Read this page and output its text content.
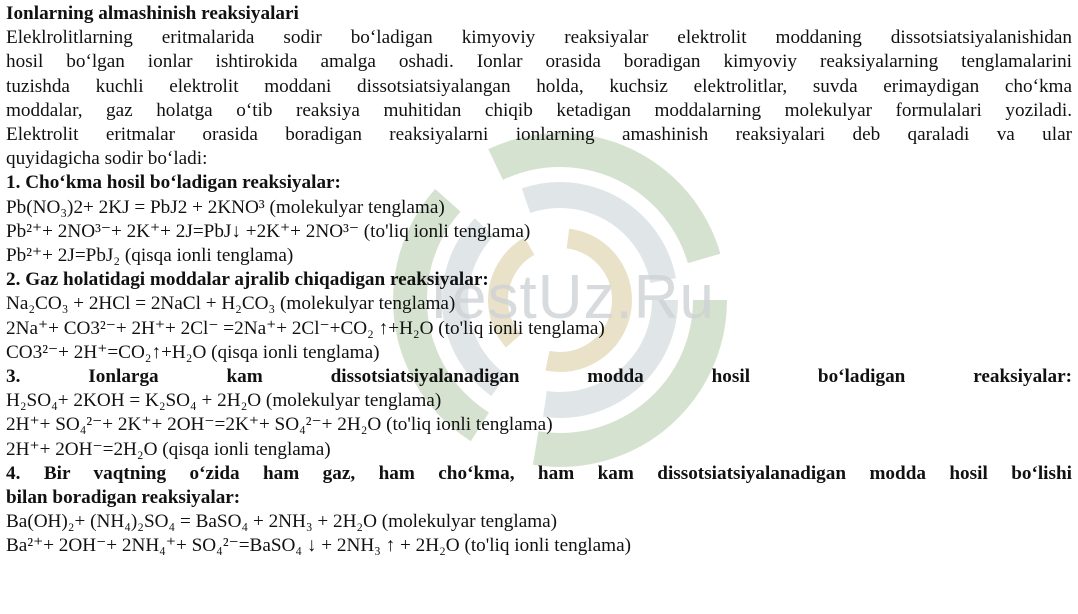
TestUz.Ru
Ionlarning almashinish reaksiyalari
Eleklrolitlarning eritmalarida sodir bo‘ladigan kimyoviy reaksiyalar elektrolit moddaning dissotsiatsiyalanishidan
hosil bo‘lgan ionlar ishtirokida amalga oshadi. Ionlar orasida boradigan kimyoviy reaksiyalarning tenglamalarini
tuzishda kuchli elektrolit moddani dissotsiatsiyalangan holda, kuchsiz elektrolitlar, suvda erimaydigan cho‘kma
moddalar, gaz holatga o‘tib reaksiya muhitidan chiqib ketadigan moddalarning molekulyar formulalari yoziladi.
Elektrolit eritmalar orasida boradigan reaksiyalarni ionlarning amashinish reaksiyalari deb qaraladi va ular
quyidagicha sodir bo‘ladi:
1. Cho‘kma hosil bo‘ladigan reaksiyalar:
Pb(NO₃)2+ 2KJ = PbJ2 + 2KNO³ (molekulyar tenglama)
Pb²⁺+ 2NO³⁻+ 2K⁺+ 2J=PbJ↓ +2K⁺+ 2NO³⁻ (to'liq ionli tenglama)
Pb²⁺+ 2J=PbJ₂ (qisqa ionli tenglama)
2. Gaz holatidagi moddalar ajralib chiqadigan reaksiyalar:
Na₂CO₃ + 2HCl = 2NaCl + H₂CO₃ (molekulyar tenglama)
2Na⁺+ CO3²⁻+ 2H⁺+ 2Cl⁻ =2Na⁺+ 2Cl⁻+CO₂ ↑+H₂O (to'liq ionli tenglama)
CO3²⁻+ 2H⁺=CO₂↑+H₂O (qisqa ionli tenglama)
3. Ionlarga kam dissotsiatsiyalanadigan modda hosil bo‘ladigan reaksiyalar:
H₂SO₄+ 2KOH = K₂SO₄ + 2H₂O (molekulyar tenglama)
2H⁺+ SO₄²⁻+ 2K⁺+ 2OH⁻=2K⁺+ SO₄²⁻+ 2H₂O (to'liq ionli tenglama)
2H⁺+ 2OH⁻=2H₂O (qisqa ionli tenglama)
4. Bir vaqtning o‘zida ham gaz, ham cho‘kma, ham kam dissotsiatsiyalanadigan modda hosil bo‘lishi
bilan boradigan reaksiyalar:
Ba(OH)₂+ (NH₄)₂SO₄ = BaSO₄ + 2NH₃ + 2H₂O (molekulyar tenglama)
Ba²⁺+ 2OH⁻+ 2NH₄⁺+ SO₄²⁻=BaSO₄ ↓ + 2NH₃ ↑ + 2H₂O (to'liq ionli tenglama)
